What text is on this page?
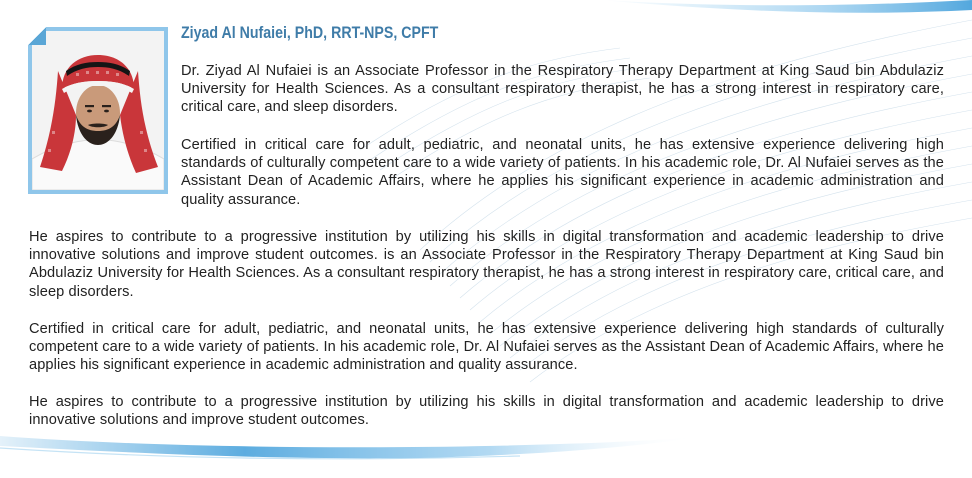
Ziyad Al Nufaiei, PhD, RRT-NPS, CPFT

Dr. Ziyad Al Nufaiei is an Associate Professor in the Respiratory Therapy Department at King Saud bin Abdulaziz University for Health Sciences. As a consultant respiratory therapist, he has a strong interest in respiratory care, critical care, and sleep disorders.

Certified in critical care for adult, pediatric, and neonatal units, he has extensive experience delivering high standards of culturally competent care to a wide variety of patients. In his academic role, Dr. Al Nufaiei serves as the Assistant Dean of Academic Affairs, where he applies his significant experience in academic administration and quality assurance.

He aspires to contribute to a progressive institution by utilizing his skills in digital transformation and academic leadership to drive innovative solutions and improve student outcomes. is an Associate Professor in the Respiratory Therapy Department at King Saud bin Abdulaziz University for Health Sciences. As a consultant respiratory therapist, he has a strong interest in respiratory care, critical care, and sleep disorders.

Certified in critical care for adult, pediatric, and neonatal units, he has extensive experience delivering high standards of culturally competent care to a wide variety of patients. In his academic role, Dr. Al Nufaiei serves as the Assistant Dean of Academic Affairs, where he applies his significant experience in academic administration and quality assurance.

He aspires to contribute to a progressive institution by utilizing his skills in digital transformation and academic leadership to drive innovative solutions and improve student outcomes.
